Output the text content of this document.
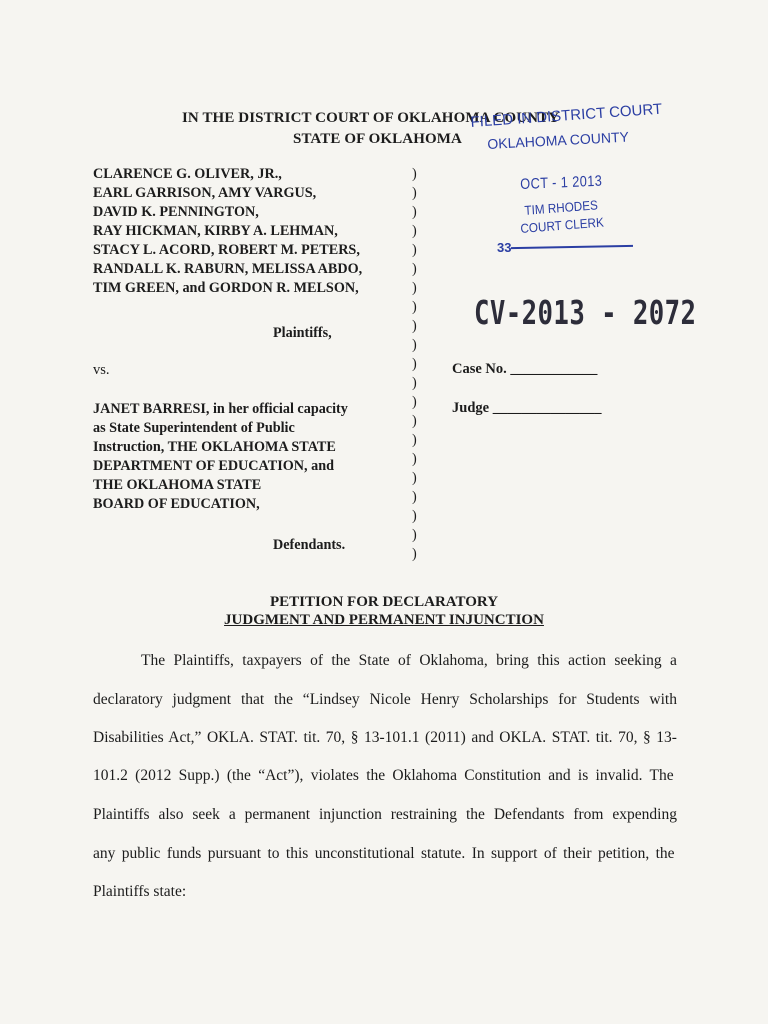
IN THE DISTRICT COURT OF OKLAHOMA COUNTY
STATE OF OKLAHOMA
FILED IN DISTRICT COURT
OKLAHOMA COUNTY
OCT - 1 2013
TIM RHODES
COURT CLERK
33
CV-2013 - 2072
CLARENCE G. OLIVER, JR.,
EARL GARRISON, AMY VARGUS,
DAVID K. PENNINGTON,
RAY HICKMAN, KIRBY A. LEHMAN,
STACY L. ACORD, ROBERT M. PETERS,
RANDALL K. RABURN, MELISSA ABDO,
TIM GREEN, and GORDON R. MELSON,
Plaintiffs,
vs.
JANET BARRESI, in her official capacity
as State Superintendent of Public
Instruction, THE OKLAHOMA STATE
DEPARTMENT OF EDUCATION, and
THE OKLAHOMA STATE
BOARD OF EDUCATION,
Defendants.
)
)
)
)
)
)
)
)
)
)
)
)
)
)
)
)
)
)
)
)
)
Case No. ____________
Judge _______________
PETITION FOR DECLARATORY
JUDGMENT AND PERMANENT INJUNCTION
The Plaintiffs, taxpayers of the State of Oklahoma, bring this action seeking a
declaratory judgment that the “Lindsey Nicole Henry Scholarships for Students with
Disabilities Act,” OKLA. STAT. tit. 70, § 13-101.1 (2011) and OKLA. STAT. tit. 70, § 13-
101.2 (2012 Supp.) (the “Act”), violates the Oklahoma Constitution and is invalid. The
Plaintiffs also seek a permanent injunction restraining the Defendants from expending
any public funds pursuant to this unconstitutional statute. In support of their petition, the
Plaintiffs state:
